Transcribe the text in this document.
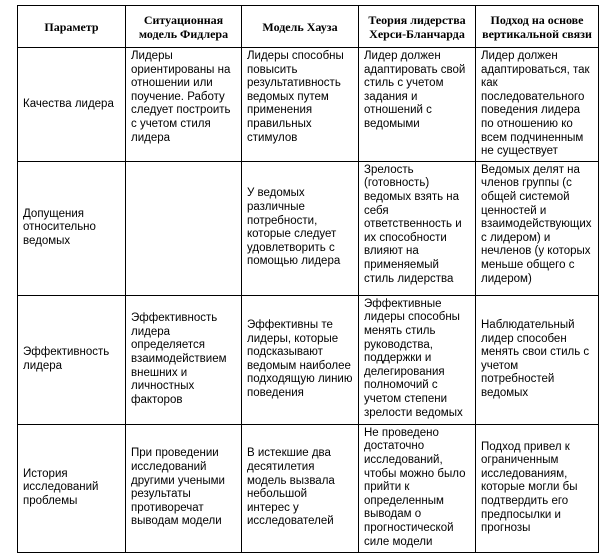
Параметр	Ситуационная модель Фидлера	Модель Хауза	Теория лидерства Херси-Бланчарда	Подход на основе вертикальной связи
Качества лидера	Лидеры ориентированы на отношении или поучение. Работу следует построить с учетом стиля лидера	Лидеры способны повысить результативность ведомых путем применения правильных стимулов	Лидер должен адаптировать свой стиль с учетом задания и отношений с ведомыми	Лидер должен адаптироваться, так как последовательного поведения лидера по отношению ко всем подчиненным не существует
Допущения относительно ведомых		У ведомых различные потребности, которые следует удовлетворить с помощью лидера	Зрелость (готовность) ведомых взять на себя ответственность и их способности влияют на применяемый стиль лидерства	Ведомых делят на членов группы (с общей системой ценностей и взаимодействующих с лидером) и нечленов (у которых меньше общего с лидером)
Эффективность лидера	Эффективность лидера определяется взаимодействием внешних и личностных факторов	Эффективны те лидеры, которые подсказывают ведомым наиболее подходящую линию поведения	Эффективные лидеры способны менять стиль руководства, поддержки и делегирования полномочий с учетом степени зрелости ведомых	Наблюдательный лидер способен менять свои стиль с учетом потребностей ведомых
История исследований проблемы	При проведении исследований другими учеными результаты противоречат выводам модели	В истекшие два десятилетия модель вызвала небольшой интерес у исследователей	Не проведено достаточно исследований, чтобы можно было прийти к определенным выводам о прогностической силе модели	Подход привел к ограниченным исследованиям, которые могли бы подтвердить его предпосылки и прогнозы
